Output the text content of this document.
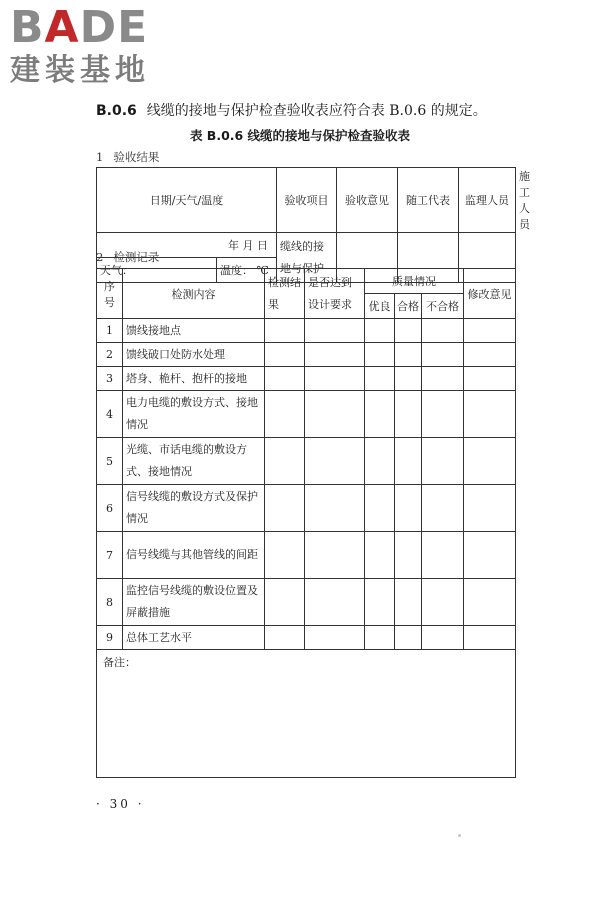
BADE
建装基地
B.0.6 线缆的接地与保护检查验收表应符合表 B.0.6 的规定。
表 B.0.6 线缆的接地与保护检查验收表
1 验收结果
日期/天气/温度		验收项目	验收意见	随工代表	监理人员	施工人员
年 月 日		缆线的接地与保护				
天气：	温度： ℃					
2 检测记录
序号	检测内容	检测结果	是否达到设计要求	质量情况			修改意见
				优良	合格	不合格	
1	馈线接地点						
2	馈线破口处防水处理						
3	塔身、桅杆、抱杆的接地						
4	电力电缆的敷设方式、接地情况						
5	光缆、市话电缆的敷设方式、接地情况						
6	信号线缆的敷设方式及保护情况						
7	信号线缆与其他管线的间距						
8	监控信号线缆的敷设位置及屏蔽措施						
9	总体工艺水平						
备注：							
· 30 ·
